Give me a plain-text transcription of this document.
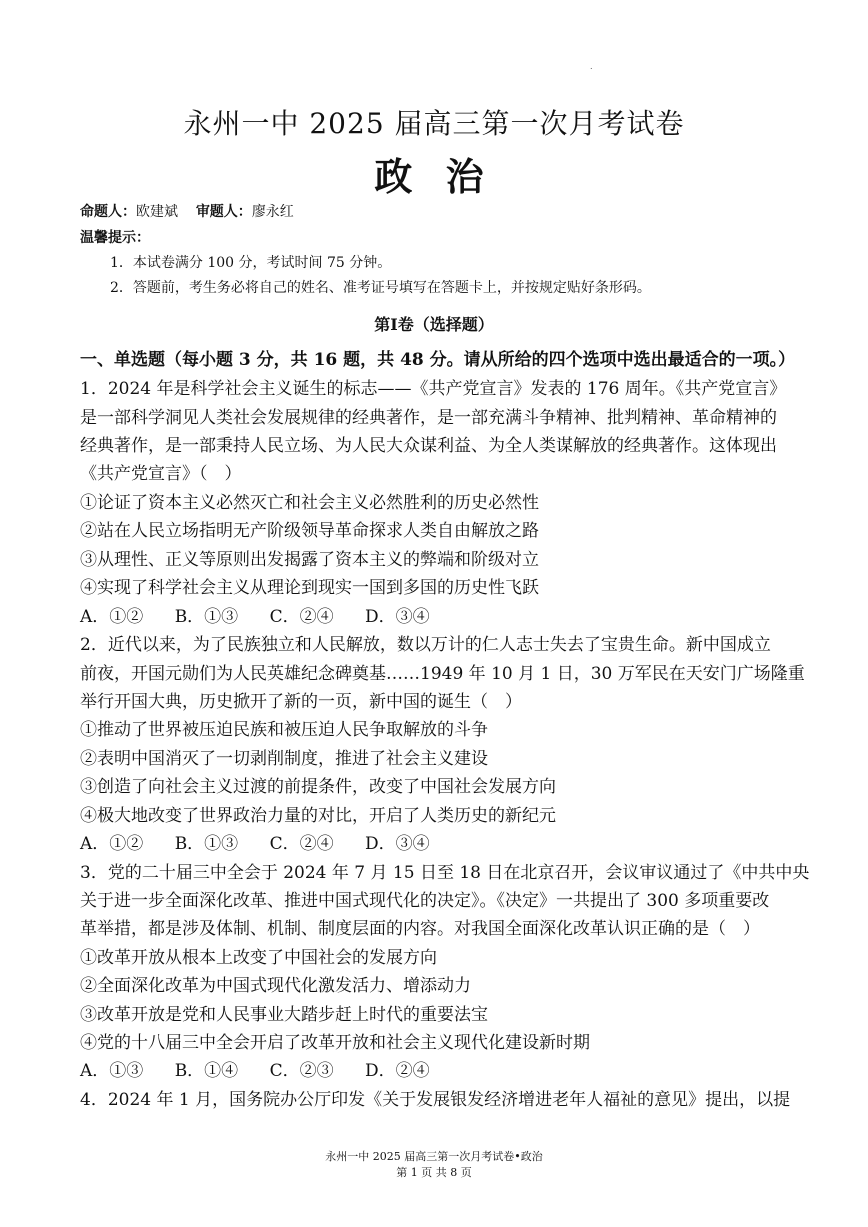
.
永州一中 2025 届高三第一次月考试卷
政 治
命题人：欧建斌 审题人：廖永红
温馨提示：
1．本试卷满分 100 分，考试时间 75 分钟。
2．答题前，考生务必将自己的姓名、准考证号填写在答题卡上，并按规定贴好条形码。
第Ⅰ卷（选择题）
一、单选题（每小题 3 分，共 16 题，共 48 分。请从所给的四个选项中选出最适合的一项。）
1．2024 年是科学社会主义诞生的标志——《共产党宣言》发表的 176 周年。《共产党宣言》
是一部科学洞见人类社会发展规律的经典著作，是一部充满斗争精神、批判精神、革命精神的
经典著作，是一部秉持人民立场、为人民大众谋利益、为全人类谋解放的经典著作。这体现出
《共产党宣言》（　）
①论证了资本主义必然灭亡和社会主义必然胜利的历史必然性
②站在人民立场指明无产阶级领导革命探求人类自由解放之路
③从理性、正义等原则出发揭露了资本主义的弊端和阶级对立
④实现了科学社会主义从理论到现实一国到多国的历史性飞跃
A．①② B．①③ C．②④ D．③④
2．近代以来，为了民族独立和人民解放，数以万计的仁人志士失去了宝贵生命。新中国成立
前夜，开国元勋们为人民英雄纪念碑奠基……1949 年 10 月 1 日，30 万军民在天安门广场隆重
举行开国大典，历史掀开了新的一页，新中国的诞生（　）
①推动了世界被压迫民族和被压迫人民争取解放的斗争
②表明中国消灭了一切剥削制度，推进了社会主义建设
③创造了向社会主义过渡的前提条件，改变了中国社会发展方向
④极大地改变了世界政治力量的对比，开启了人类历史的新纪元
A．①② B．①③ C．②④ D．③④
3．党的二十届三中全会于 2024 年 7 月 15 日至 18 日在北京召开，会议审议通过了《中共中央
关于进一步全面深化改革、推进中国式现代化的决定》。《决定》一共提出了 300 多项重要改
革举措，都是涉及体制、机制、制度层面的内容。对我国全面深化改革认识正确的是（　）
①改革开放从根本上改变了中国社会的发展方向
②全面深化改革为中国式现代化激发活力、增添动力
③改革开放是党和人民事业大踏步赶上时代的重要法宝
④党的十八届三中全会开启了改革开放和社会主义现代化建设新时期
A．①③ B．①④ C．②③ D．②④
4．2024 年 1 月，国务院办公厅印发《关于发展银发经济增进老年人福祉的意见》提出，以提
永州一中 2025 届高三第一次月考试卷•政治
第 1 页 共 8 页
